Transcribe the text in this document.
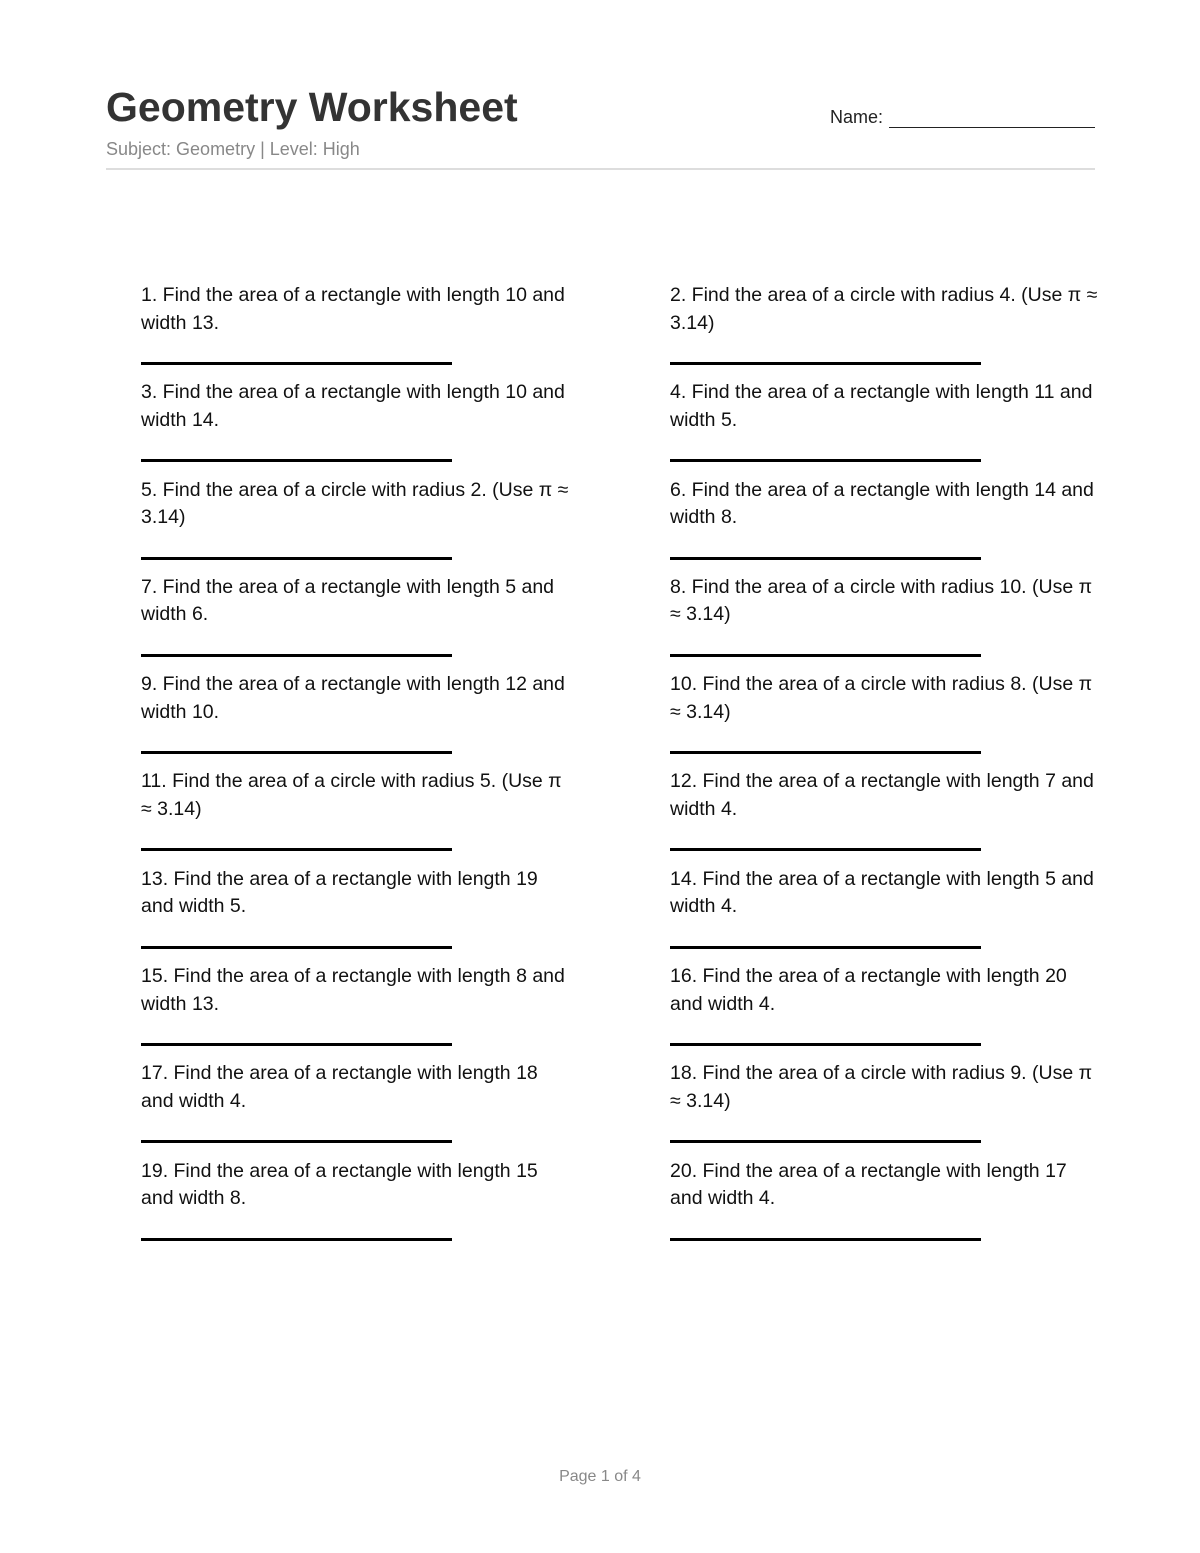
Geometry Worksheet
Subject: Geometry | Level: High
Name:

1. Find the area of a rectangle with length 10 and width 13.

2. Find the area of a circle with radius 4. (Use π ≈ 3.14)

3. Find the area of a rectangle with length 10 and width 14.

4. Find the area of a rectangle with length 11 and width 5.

5. Find the area of a circle with radius 2. (Use π ≈ 3.14)

6. Find the area of a rectangle with length 14 and width 8.

7. Find the area of a rectangle with length 5 and width 6.

8. Find the area of a circle with radius 10. (Use π ≈ 3.14)

9. Find the area of a rectangle with length 12 and width 10.

10. Find the area of a circle with radius 8. (Use π ≈ 3.14)

11. Find the area of a circle with radius 5. (Use π ≈ 3.14)

12. Find the area of a rectangle with length 7 and width 4.

13. Find the area of a rectangle with length 19 and width 5.

14. Find the area of a rectangle with length 5 and width 4.

15. Find the area of a rectangle with length 8 and width 13.

16. Find the area of a rectangle with length 20 and width 4.

17. Find the area of a rectangle with length 18 and width 4.

18. Find the area of a circle with radius 9. (Use π ≈ 3.14)

19. Find the area of a rectangle with length 15 and width 8.

20. Find the area of a rectangle with length 17 and width 4.

Page 1 of 4
